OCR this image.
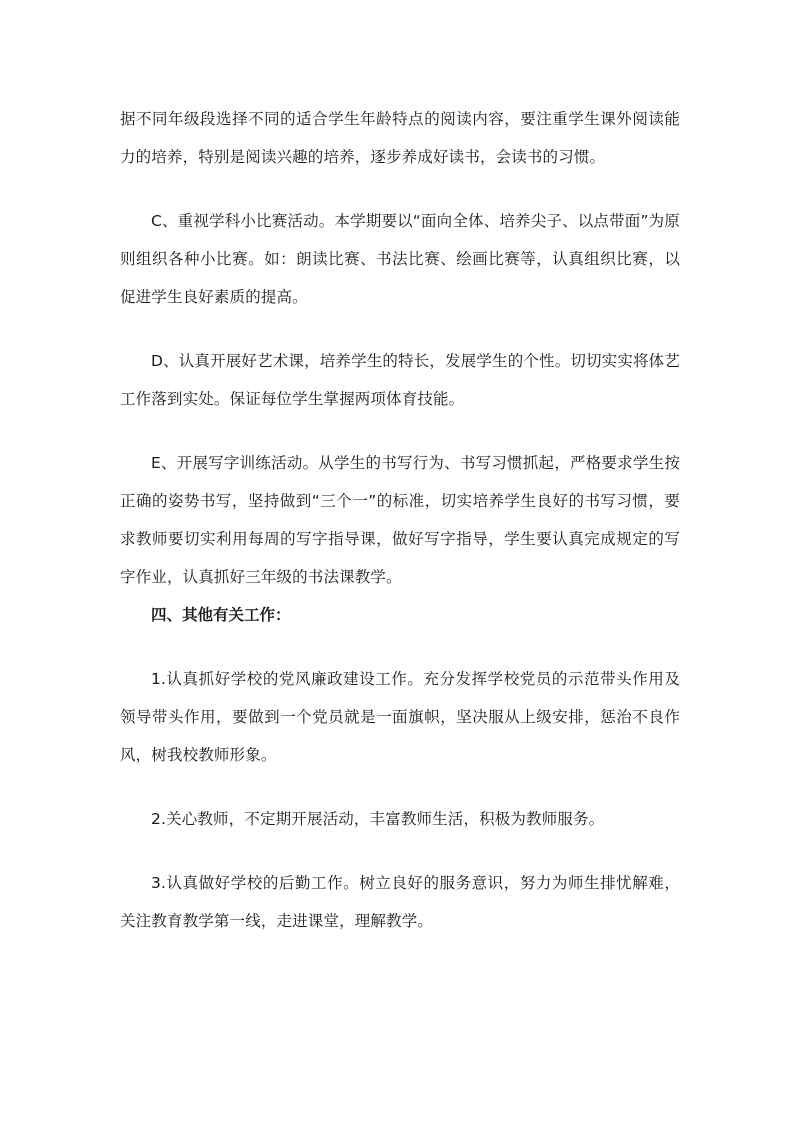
据不同年级段选择不同的适合学生年龄特点的阅读内容，要注重学生课外阅读能力的培养，特别是阅读兴趣的培养，逐步养成好读书，会读书的习惯。

C、重视学科小比赛活动。本学期要以“面向全体、培养尖子、以点带面”为原则组织各种小比赛。如：朗读比赛、书法比赛、绘画比赛等，认真组织比赛，以促进学生良好素质的提高。

D、认真开展好艺术课，培养学生的特长，发展学生的个性。切切实实将体艺工作落到实处。保证每位学生掌握两项体育技能。

E、开展写字训练活动。从学生的书写行为、书写习惯抓起，严格要求学生按正确的姿势书写，坚持做到“三个一”的标准，切实培养学生良好的书写习惯，要求教师要切实利用每周的写字指导课，做好写字指导，学生要认真完成规定的写字作业，认真抓好三年级的书法课教学。

四、其他有关工作：

1.认真抓好学校的党风廉政建设工作。充分发挥学校党员的示范带头作用及领导带头作用，要做到一个党员就是一面旗帜，坚决服从上级安排，惩治不良作风，树我校教师形象。

2.关心教师，不定期开展活动，丰富教师生活，积极为教师服务。

3.认真做好学校的后勤工作。树立良好的服务意识，努力为师生排忧解难，关注教育教学第一线，走进课堂，理解教学。
